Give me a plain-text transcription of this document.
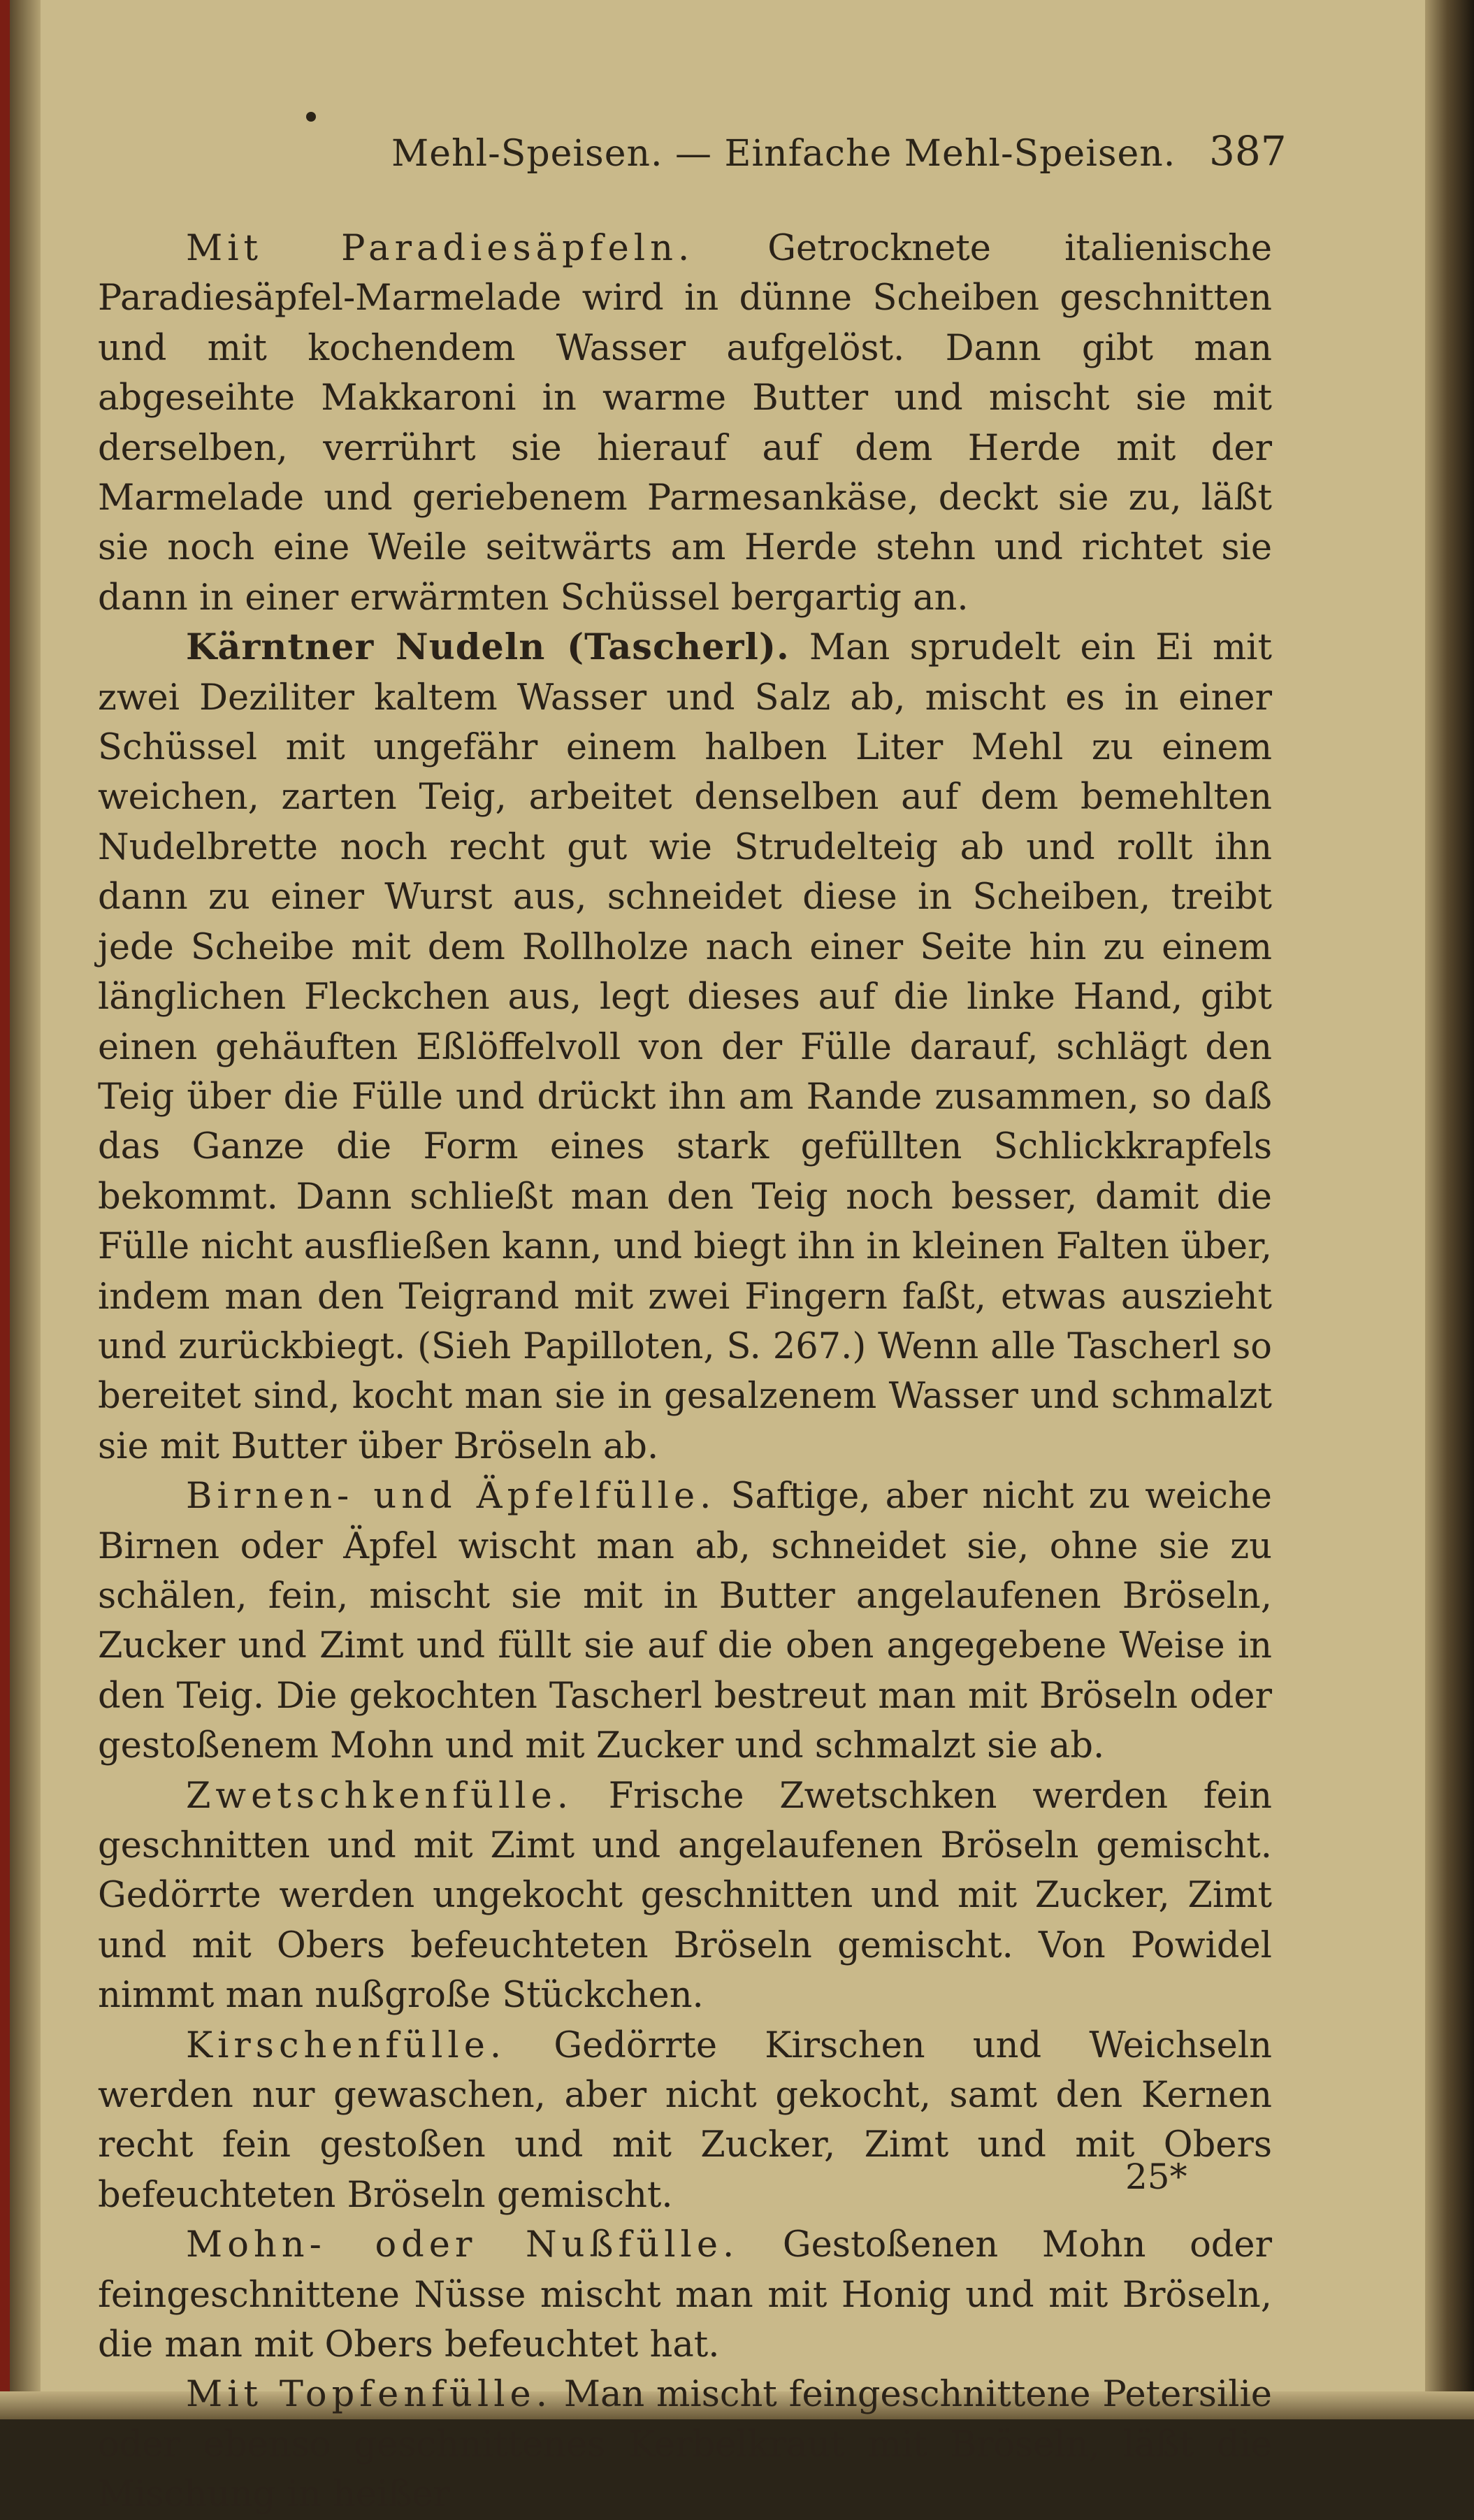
Mehl-Speisen. — Einfache Mehl-Speisen. 387

Mit Paradiesäpfeln. Getrocknete italienische Paradiesäpfel-Marmelade wird in dünne Scheiben geschnitten und mit kochendem Wasser aufgelöst. Dann gibt man abgeseihte Makkaroni in warme Butter und mischt sie mit derselben, verrührt sie hierauf auf dem Herde mit der Marmelade und geriebenem Parmesankäse, deckt sie zu, läßt sie noch eine Weile seitwärts am Herde stehn und richtet sie dann in einer erwärmten Schüssel bergartig an.

Kärntner Nudeln (Tascherl). Man sprudelt ein Ei mit zwei Deziliter kaltem Wasser und Salz ab, mischt es in einer Schüssel mit ungefähr einem halben Liter Mehl zu einem weichen, zarten Teig, arbeitet denselben auf dem bemehlten Nudelbrette noch recht gut wie Strudelteig ab und rollt ihn dann zu einer Wurst aus, schneidet diese in Scheiben, treibt jede Scheibe mit dem Rollholze nach einer Seite hin zu einem länglichen Fleckchen aus, legt dieses auf die linke Hand, gibt einen gehäuften Eßlöffelvoll von der Fülle darauf, schlägt den Teig über die Fülle und drückt ihn am Rande zusammen, so daß das Ganze die Form eines stark gefüllten Schlickkrapfels bekommt. Dann schließt man den Teig noch besser, damit die Fülle nicht ausfließen kann, und biegt ihn in kleinen Falten über, indem man den Teigrand mit zwei Fingern faßt, etwas auszieht und zurückbiegt. (Sieh Papilloten, S. 267.) Wenn alle Tascherl so bereitet sind, kocht man sie in gesalzenem Wasser und schmalzt sie mit Butter über Bröseln ab.

Birnen- und Äpfelfülle. Saftige, aber nicht zu weiche Birnen oder Äpfel wischt man ab, schneidet sie, ohne sie zu schälen, fein, mischt sie mit in Butter angelaufenen Bröseln, Zucker und Zimt und füllt sie auf die oben angegebene Weise in den Teig. Die gekochten Tascherl bestreut man mit Bröseln oder gestoßenem Mohn und mit Zucker und schmalzt sie ab.

Zwetschkenfülle. Frische Zwetschken werden fein geschnitten und mit Zimt und angelaufenen Bröseln gemischt. Gedörrte werden ungekocht geschnitten und mit Zucker, Zimt und mit Obers befeuchteten Bröseln gemischt. Von Powidel nimmt man nußgroße Stückchen.

Kirschenfülle. Gedörrte Kirschen und Weichseln werden nur gewaschen, aber nicht gekocht, samt den Kernen recht fein gestoßen und mit Zucker, Zimt und mit Obers befeuchteten Bröseln gemischt.

Mohn- oder Nußfülle. Gestoßenen Mohn oder feingeschnittene Nüsse mischt man mit Honig und mit Bröseln, die man mit Obers befeuchtet hat.

Mit Topfenfülle. Man mischt feingeschnittene Petersilie oder ebenso geschnittenes Kerbelkraut mit Bröseln, läßt die Mischung in heißer

25*
